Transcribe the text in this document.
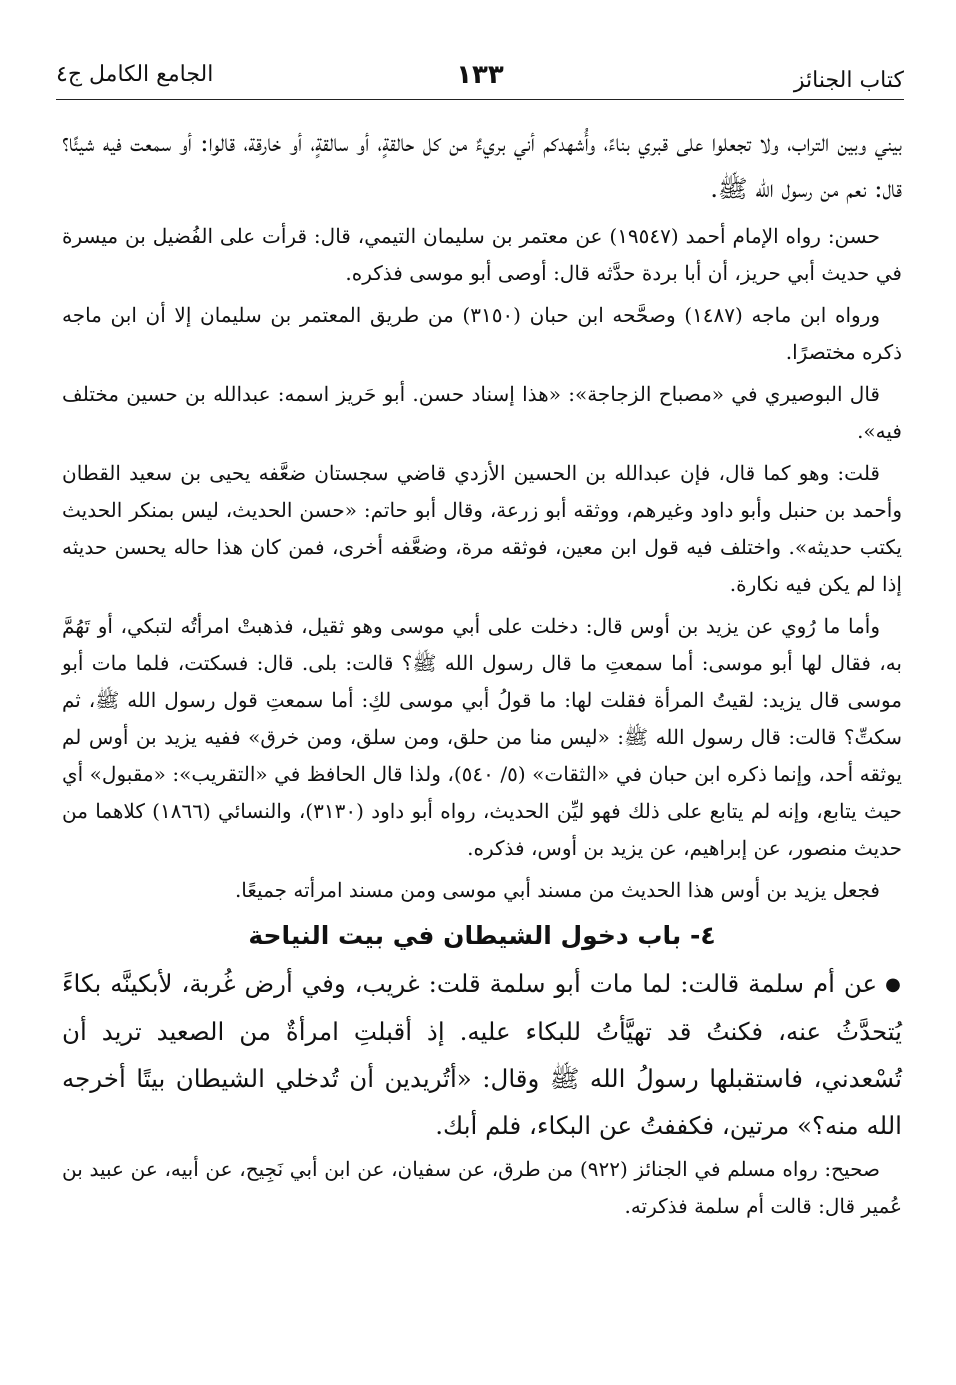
كتاب الجنائز
١٣٣
الجامع الكامل ج٤

بيني وبين التراب، ولا تجعلوا على قبري بناءً، وأُشهدكم أني بريءٌ من كل حالقةٍ، أو سالقةٍ، أو خارقة، قالوا: أو سمعت فيه شيئًا؟ قال: نعم من رسول الله ﷺ.

حسن: رواه الإمام أحمد (١٩٥٤٧) عن معتمر بن سليمان التيمي، قال: قرأت على الفُضيل بن ميسرة في حديث أبي حريز، أن أبا بردة حدَّثه قال: أوصى أبو موسى فذكره.

ورواه ابن ماجه (١٤٨٧) وصحَّحه ابن حبان (٣١٥٠) من طريق المعتمر بن سليمان إلا أن ابن ماجه ذكره مختصرًا.

قال البوصيري في «مصباح الزجاجة»: «هذا إسناد حسن. أبو حَريز اسمه: عبدالله بن حسين مختلف فيه».

قلت: وهو كما قال، فإن عبدالله بن الحسين الأزدي قاضي سجستان ضعَّفه يحيى بن سعيد القطان وأحمد بن حنبل وأبو داود وغيرهم، ووثقه أبو زرعة، وقال أبو حاتم: «حسن الحديث، ليس بمنكر الحديث يكتب حديثه». واختلف فيه قول ابن معين، فوثقه مرة، وضعَّفه أخرى، فمن كان هذا حاله يحسن حديثه إذا لم يكن فيه نكارة.

وأما ما رُوي عن يزيد بن أوس قال: دخلت على أبي موسى وهو ثقيل، فذهبتْ امرأتُه لتبكي، أو تَهُمَّ به، فقال لها أبو موسى: أما سمعتِ ما قال رسول الله ﷺ؟ قالت: بلى. قال: فسكتت، فلما مات أبو موسى قال يزيد: لقيتُ المرأة فقلت لها: ما قولُ أبي موسى لكِ: أما سمعتِ قول رسول الله ﷺ، ثم سكتِّ؟ قالت: قال رسول الله ﷺ: «ليس منا من حلق، ومن سلق، ومن خرق» ففيه يزيد بن أوس لم يوثقه أحد، وإنما ذكره ابن حبان في «الثقات» (٥/ ٥٤٠)، ولذا قال الحافظ في «التقريب»: «مقبول» أي حيث يتابع، وإنه لم يتابع على ذلك فهو ليِّن الحديث، رواه أبو داود (٣١٣٠)، والنسائي (١٨٦٦) كلاهما من حديث منصور، عن إبراهيم، عن يزيد بن أوس، فذكره.

فجعل يزيد بن أوس هذا الحديث من مسند أبي موسى ومن مسند امرأته جميعًا.

٤- باب دخول الشيطان في بيت النياحة

●عن أم سلمة قالت: لما مات أبو سلمة قلت: غريب، وفي أرض غُربة، لأبكينَّه بكاءً يُتحدَّثُ عنه، فكنتُ قد تهيَّأتُ للبكاء عليه. إذ أقبلتِ امرأةٌ من الصعيد تريد أن تُسْعدني، فاستقبلها رسولُ الله ﷺ وقال: «أتُريدين أن تُدخلي الشيطان بيتًا أخرجه الله منه؟» مرتين، فكففتُ عن البكاء، فلم أبك.

صحيح: رواه مسلم في الجنائز (٩٢٢) من طرق، عن سفيان، عن ابن أبي نَجِيح، عن أبيه، عن عبيد بن عُمير قال: قالت أم سلمة فذكرته.
